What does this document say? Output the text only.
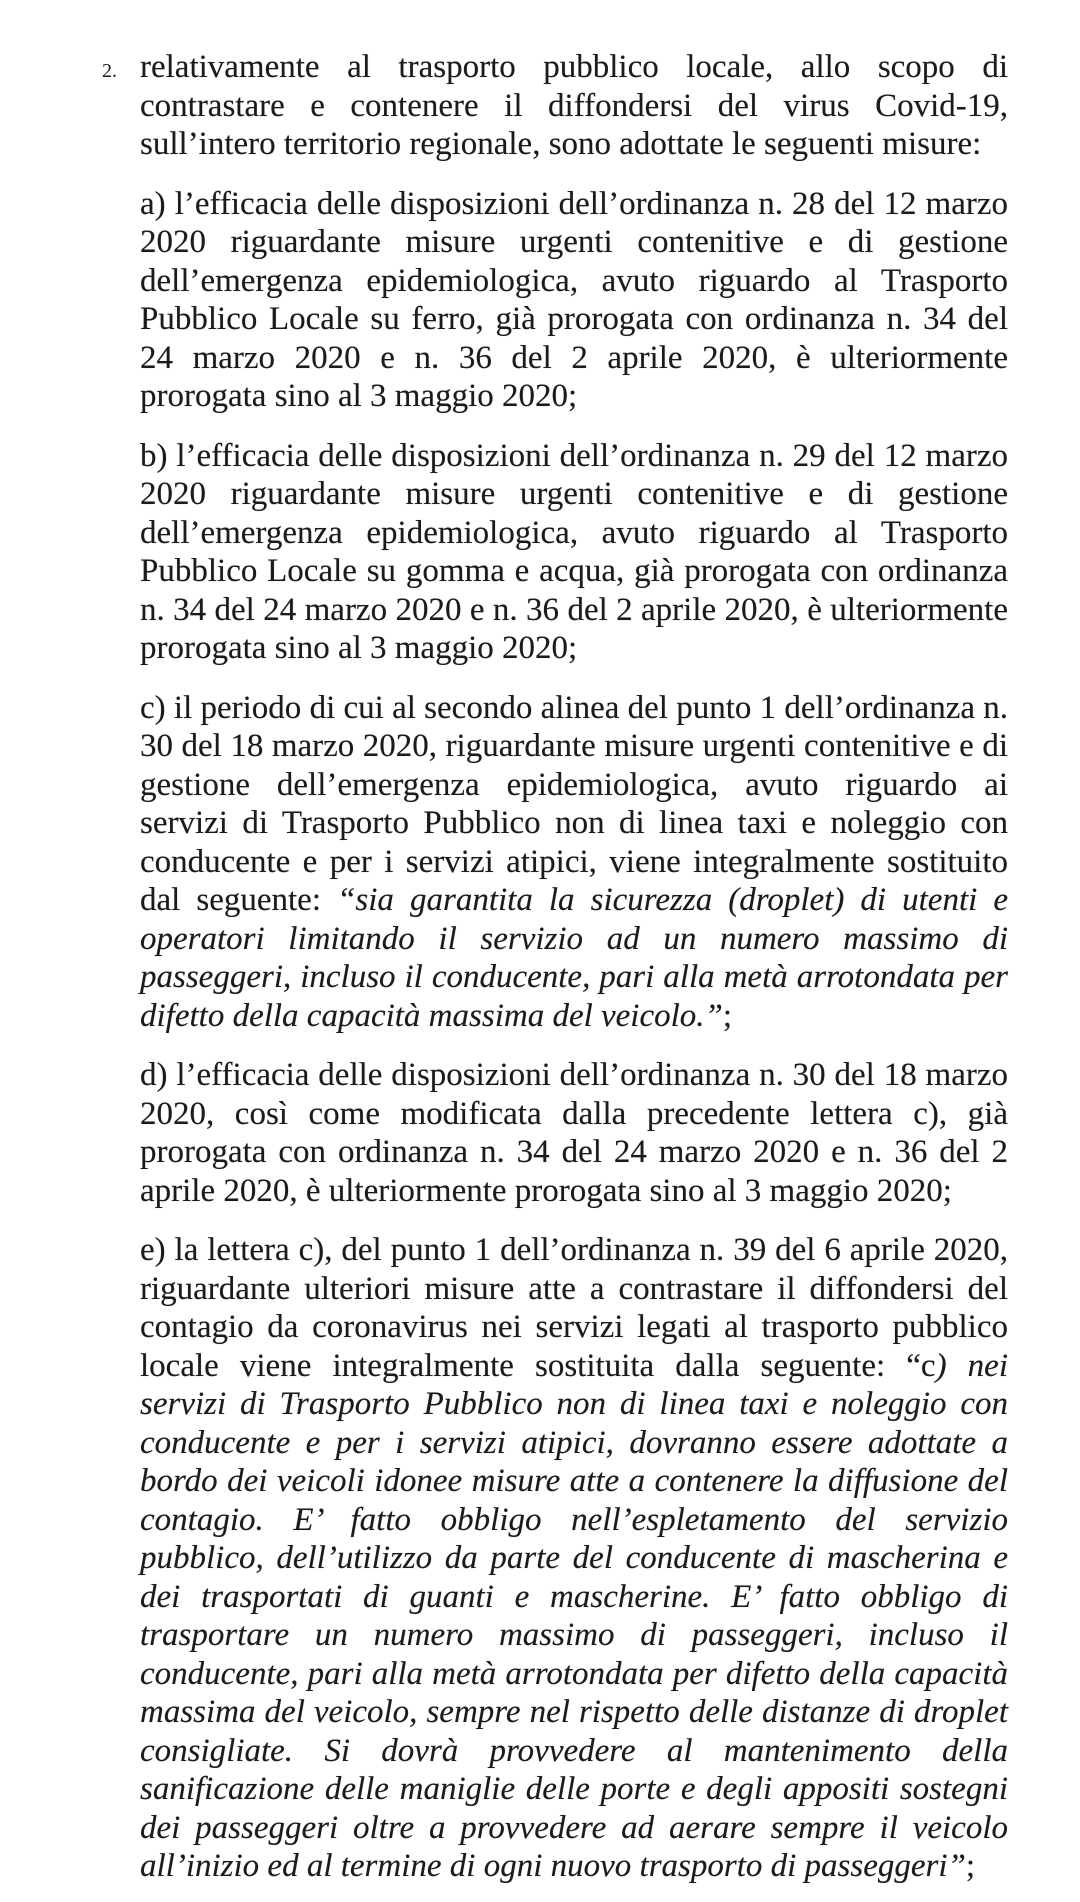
2. relativamente al trasporto pubblico locale, allo scopo di contrastare e contenere il diffondersi del virus Covid-19, sull’intero territorio regionale, sono adottate le seguenti misure:

a) l’efficacia delle disposizioni dell’ordinanza n. 28 del 12 marzo 2020 riguardante misure urgenti contenitive e di gestione dell’emergenza epidemiologica, avuto riguardo al Trasporto Pubblico Locale su ferro, già prorogata con ordinanza n. 34 del 24 marzo 2020 e n. 36 del 2 aprile 2020, è ulteriormente prorogata sino al 3 maggio 2020;

b) l’efficacia delle disposizioni dell’ordinanza n. 29 del 12 marzo 2020 riguardante misure urgenti contenitive e di gestione dell’emergenza epidemiologica, avuto riguardo al Trasporto Pubblico Locale su gomma e acqua, già prorogata con ordinanza n. 34 del 24 marzo 2020 e n. 36 del 2 aprile 2020, è ulteriormente prorogata sino al 3 maggio 2020;

c) il periodo di cui al secondo alinea del punto 1 dell’ordinanza n. 30 del 18 marzo 2020, riguardante misure urgenti contenitive e di gestione dell’emergenza epidemiologica, avuto riguardo ai servizi di Trasporto Pubblico non di linea taxi e noleggio con conducente e per i servizi atipici, viene integralmente sostituito dal seguente: “sia garantita la sicurezza (droplet) di utenti e operatori limitando il servizio ad un numero massimo di passeggeri, incluso il conducente, pari alla metà arrotondata per difetto della capacità massima del veicolo.”;

d) l’efficacia delle disposizioni dell’ordinanza n. 30 del 18 marzo 2020, così come modificata dalla precedente lettera c), già prorogata con ordinanza n. 34 del 24 marzo 2020 e n. 36 del 2 aprile 2020, è ulteriormente prorogata sino al 3 maggio 2020;

e) la lettera c), del punto 1 dell’ordinanza n. 39 del 6 aprile 2020, riguardante ulteriori misure atte a contrastare il diffondersi del contagio da coronavirus nei servizi legati al trasporto pubblico locale viene integralmente sostituita dalla seguente: “c) nei servizi di Trasporto Pubblico non di linea taxi e noleggio con conducente e per i servizi atipici, dovranno essere adottate a bordo dei veicoli idonee misure atte a contenere la diffusione del contagio. E’ fatto obbligo nell’espletamento del servizio pubblico, dell’utilizzo da parte del conducente di mascherina e dei trasportati di guanti e mascherine. E’ fatto obbligo di trasportare un numero massimo di passeggeri, incluso il conducente, pari alla metà arrotondata per difetto della capacità massima del veicolo, sempre nel rispetto delle distanze di droplet consigliate. Si dovrà provvedere al mantenimento della sanificazione delle maniglie delle porte e degli appositi sostegni dei passeggeri oltre a provvedere ad aerare sempre il veicolo all’inizio ed al termine di ogni nuovo trasporto di passeggeri”;
